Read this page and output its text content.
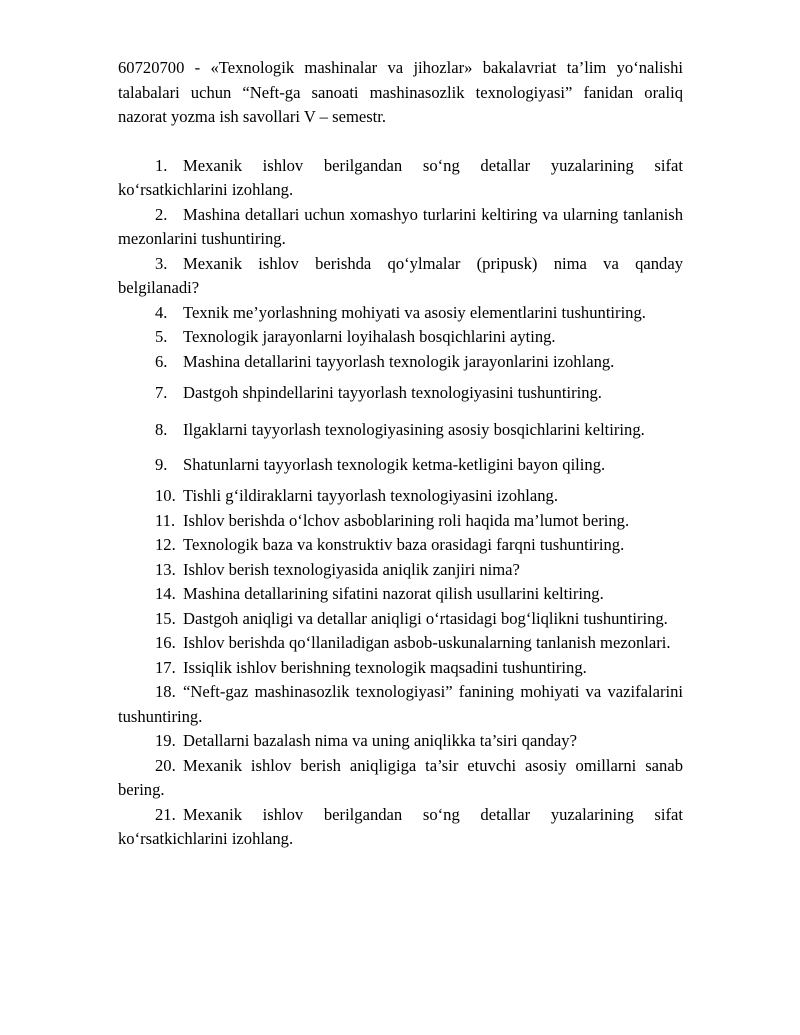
60720700 - «Texnologik mashinalar va jihozlar» bakalavriat ta’lim yo‘nalishi talabalari uchun “Neft-ga sanoati mashinasozlik texnologiyasi” fanidan oraliq nazorat yozma ish savollari V – semestr.

1. Mexanik ishlov berilgandan so‘ng detallar yuzalarining sifat ko‘rsatkichlarini izohlang.
2. Mashina detallari uchun xomashyo turlarini keltiring va ularning tanlanish mezonlarini tushuntiring.
3. Mexanik ishlov berishda qo‘ylmalar (pripusk) nima va qanday belgilanadi?
4. Texnik me’yorlashning mohiyati va asosiy elementlarini tushuntiring.
5. Texnologik jarayonlarni loyihalash bosqichlarini ayting.
6. Mashina detallarini tayyorlash texnologik jarayonlarini izohlang.
7. Dastgoh shpindellarini tayyorlash texnologiyasini tushuntiring.
8. Ilgaklarni tayyorlash texnologiyasining asosiy bosqichlarini keltiring.
9. Shatunlarni tayyorlash texnologik ketma-ketligini bayon qiling.
10. Tishli g‘ildiraklarni tayyorlash texnologiyasini izohlang.
11. Ishlov berishda o‘lchov asboblarining roli haqida ma’lumot bering.
12. Texnologik baza va konstruktiv baza orasidagi farqni tushuntiring.
13. Ishlov berish texnologiyasida aniqlik zanjiri nima?
14. Mashina detallarining sifatini nazorat qilish usullarini keltiring.
15. Dastgoh aniqligi va detallar aniqligi o‘rtasidagi bog‘liqlikni tushuntiring.
16. Ishlov berishda qo‘llaniladigan asbob-uskunalarning tanlanish mezonlari.
17. Issiqlik ishlov berishning texnologik maqsadini tushuntiring.
18. “Neft-gaz mashinasozlik texnologiyasi” fanining mohiyati va vazifalarini tushuntiring.
19. Detallarni bazalash nima va uning aniqlikka ta’siri qanday?
20. Mexanik ishlov berish aniqligiga ta’sir etuvchi asosiy omillarni sanab bering.
21. Mexanik ishlov berilgandan so‘ng detallar yuzalarining sifat ko‘rsatkichlarini izohlang.
